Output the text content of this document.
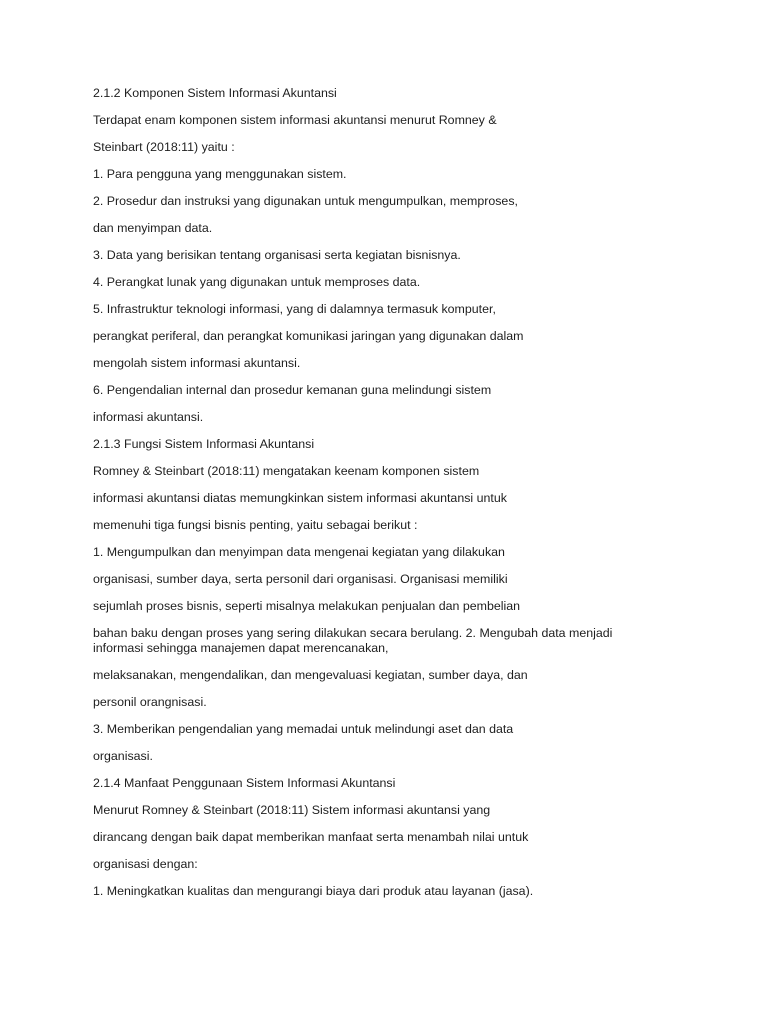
2.1.2 Komponen Sistem Informasi Akuntansi

Terdapat enam komponen sistem informasi akuntansi menurut Romney &

Steinbart (2018:11) yaitu :

1. Para pengguna yang menggunakan sistem.

2. Prosedur dan instruksi yang digunakan untuk mengumpulkan, memproses,

dan menyimpan data.

3. Data yang berisikan tentang organisasi serta kegiatan bisnisnya.

4. Perangkat lunak yang digunakan untuk memproses data.

5. Infrastruktur teknologi informasi, yang di dalamnya termasuk komputer,

perangkat periferal, dan perangkat komunikasi jaringan yang digunakan dalam

mengolah sistem informasi akuntansi.

6. Pengendalian internal dan prosedur kemanan guna melindungi sistem

informasi akuntansi.

2.1.3 Fungsi Sistem Informasi Akuntansi

Romney & Steinbart (2018:11) mengatakan keenam komponen sistem

informasi akuntansi diatas memungkinkan sistem informasi akuntansi untuk

memenuhi tiga fungsi bisnis penting, yaitu sebagai berikut :

1. Mengumpulkan dan menyimpan data mengenai kegiatan yang dilakukan

organisasi, sumber daya, serta personil dari organisasi. Organisasi memiliki

sejumlah proses bisnis, seperti misalnya melakukan penjualan dan pembelian

bahan baku dengan proses yang sering dilakukan secara berulang. 2. Mengubah data menjadi informasi sehingga manajemen dapat merencanakan,

melaksanakan, mengendalikan, dan mengevaluasi kegiatan, sumber daya, dan

personil orangnisasi.

3. Memberikan pengendalian yang memadai untuk melindungi aset dan data

organisasi.

2.1.4 Manfaat Penggunaan Sistem Informasi Akuntansi

Menurut Romney & Steinbart (2018:11) Sistem informasi akuntansi yang

dirancang dengan baik dapat memberikan manfaat serta menambah nilai untuk

organisasi dengan:

1. Meningkatkan kualitas dan mengurangi biaya dari produk atau layanan (jasa).
